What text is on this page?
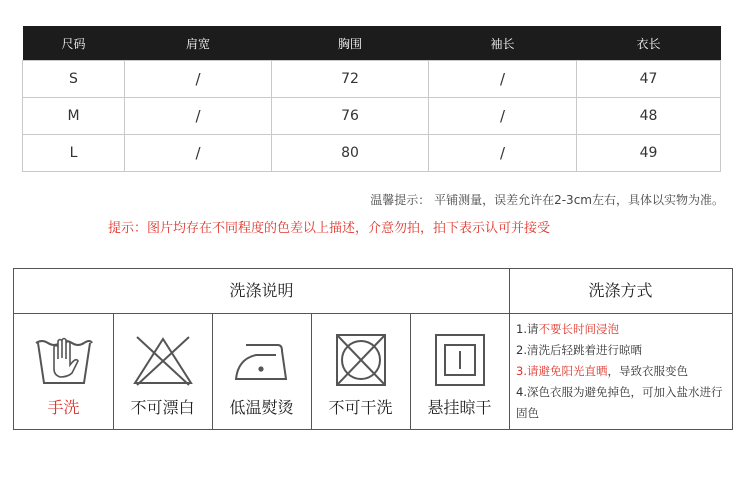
尺码	肩宽	胸围	袖长	衣长
S	/	72	/	47
M	/	76	/	48
L	/	80	/	49
温馨提示： 平铺测量，误差允许在2-3cm左右，具体以实物为准。
提示：图片均存在不同程度的色差以上描述，介意勿拍，拍下表示认可并接受
洗涤说明	洗涤方式
手洗	不可漂白	低温熨烫	不可干洗	悬挂晾干
1.请不要长时间浸泡
2.清洗后轻跳着进行晾晒
3.请避免阳光直晒，导致衣服变色
4.深色衣服为避免掉色，可加入盐水进行固色
